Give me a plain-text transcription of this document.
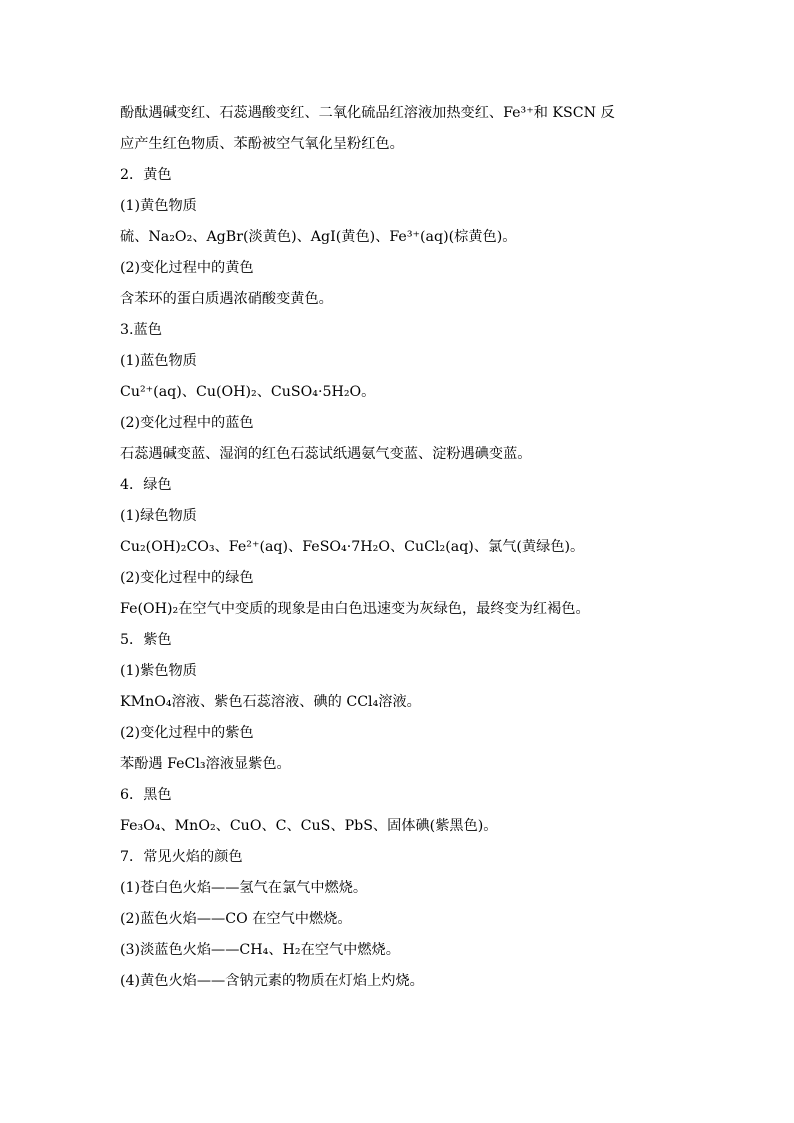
酚酞遇碱变红、石蕊遇酸变红、二氧化硫品红溶液加热变红、Fe³⁺和 KSCN 反
应产生红色物质、苯酚被空气氧化呈粉红色。
2．黄色
(1)黄色物质
硫、Na₂O₂、AgBr(淡黄色)、AgI(黄色)、Fe³⁺(aq)(棕黄色)。
(2)变化过程中的黄色
含苯环的蛋白质遇浓硝酸变黄色。
3.蓝色
(1)蓝色物质
Cu²⁺(aq)、Cu(OH)₂、CuSO₄·5H₂O。
(2)变化过程中的蓝色
石蕊遇碱变蓝、湿润的红色石蕊试纸遇氨气变蓝、淀粉遇碘变蓝。
4．绿色
(1)绿色物质
Cu₂(OH)₂CO₃、Fe²⁺(aq)、FeSO₄·7H₂O、CuCl₂(aq)、氯气(黄绿色)。
(2)变化过程中的绿色
Fe(OH)₂在空气中变质的现象是由白色迅速变为灰绿色，最终变为红褐色。
5．紫色
(1)紫色物质
KMnO₄溶液、紫色石蕊溶液、碘的 CCl₄溶液。
(2)变化过程中的紫色
苯酚遇 FeCl₃溶液显紫色。
6．黑色
Fe₃O₄、MnO₂、CuO、C、CuS、PbS、固体碘(紫黑色)。
7．常见火焰的颜色
(1)苍白色火焰——氢气在氯气中燃烧。
(2)蓝色火焰——CO 在空气中燃烧。
(3)淡蓝色火焰——CH₄、H₂在空气中燃烧。
(4)黄色火焰——含钠元素的物质在灯焰上灼烧。
